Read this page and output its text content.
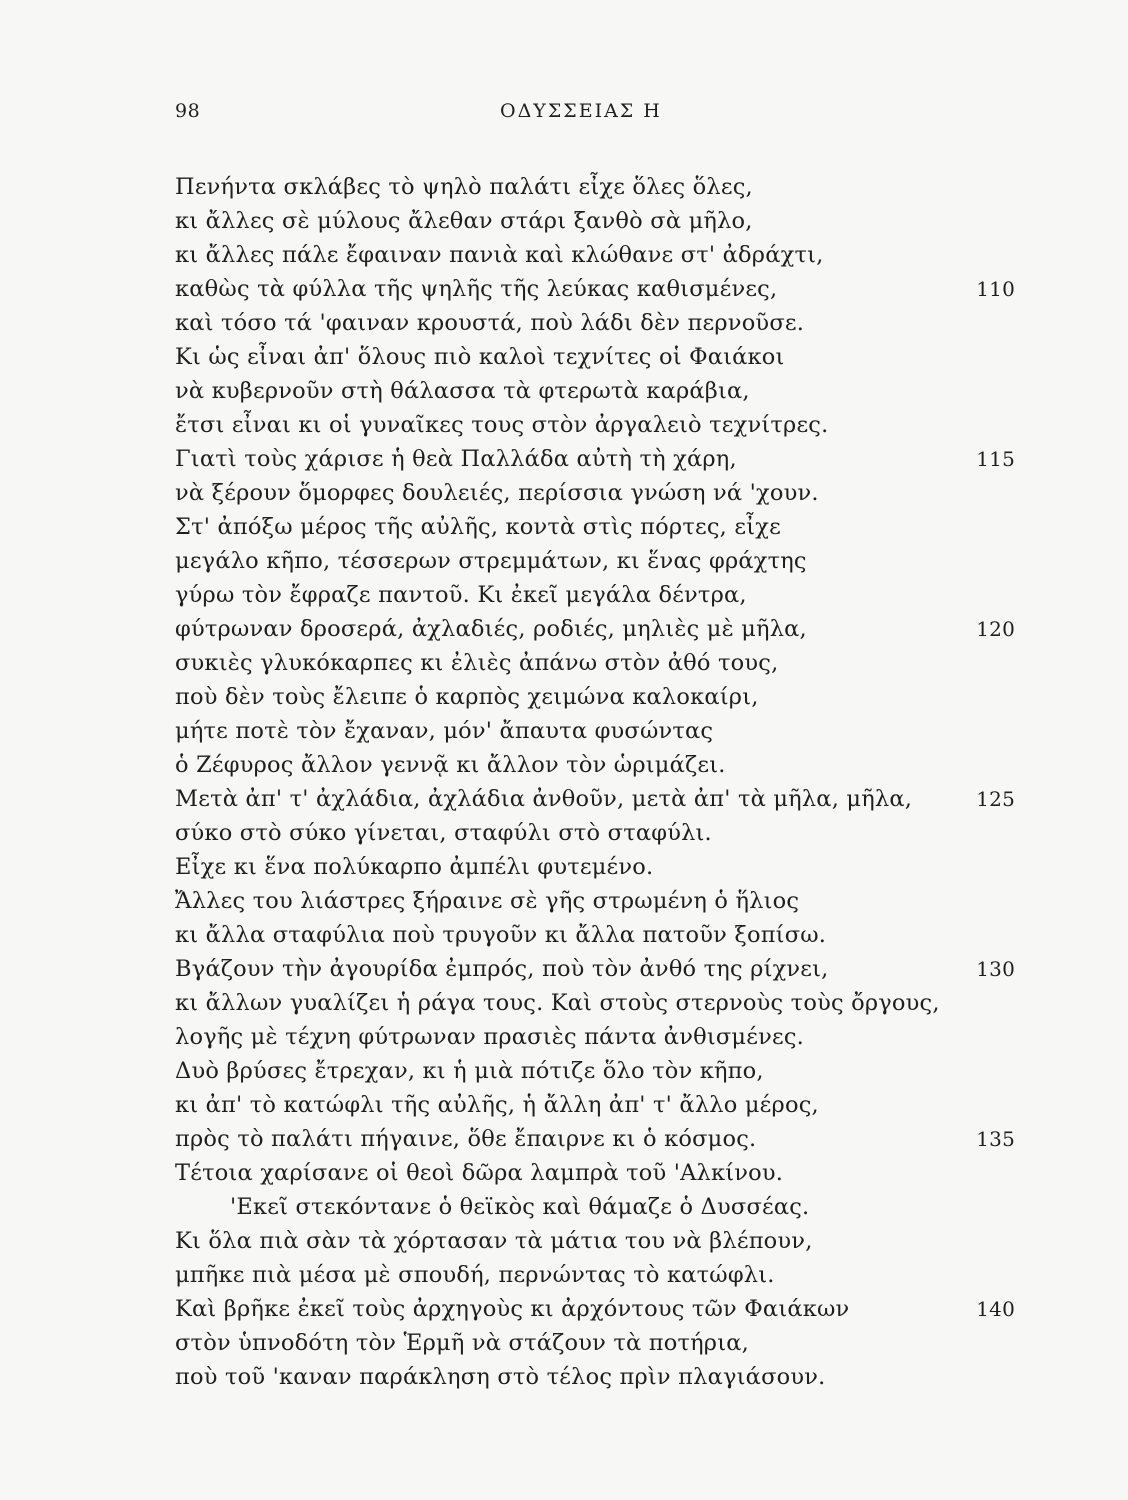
98	ΟΔΥΣΣΕΙΑΣ Η
Πενήντα σκλάβες τὸ ψηλὸ παλάτι εἶχε ὅλες ὅλες,
κι ἄλλες σὲ μύλους ἄλεθαν στάρι ξανθὸ σὰ μῆλο,
κι ἄλλες πάλε ἔφαιναν πανιὰ καὶ κλώθανε στ' ἀδράχτι,
καθὼς τὰ φύλλα τῆς ψηλῆς τῆς λεύκας καθισμένες,	110
καὶ τόσο τά 'φαιναν κρουστά, ποὺ λάδι δὲν περνοῦσε.
Κι ὡς εἶναι ἀπ' ὅλους πιὸ καλοὶ τεχνίτες οἱ Φαιάκοι
νὰ κυβερνοῦν στὴ θάλασσα τὰ φτερωτὰ καράβια,
ἔτσι εἶναι κι οἱ γυναῖκες τους στὸν ἀργαλειὸ τεχνίτρες.
Γιατὶ τοὺς χάρισε ἡ θεὰ Παλλάδα αὐτὴ τὴ χάρη,	115
νὰ ξέρουν ὅμορφες δουλειές, περίσσια γνώση νά 'χουν.
Στ' ἀπόξω μέρος τῆς αὐλῆς, κοντὰ στὶς πόρτες, εἶχε
μεγάλο κῆπο, τέσσερων στρεμμάτων, κι ἕνας φράχτης
γύρω τὸν ἔφραζε παντοῦ. Κι ἐκεῖ μεγάλα δέντρα,
φύτρωναν δροσερά, ἀχλαδιές, ροδιές, μηλιὲς μὲ μῆλα,	120
συκιὲς γλυκόκαρπες κι ἐλιὲς ἀπάνω στὸν ἀθό τους,
ποὺ δὲν τοὺς ἔλειπε ὁ καρπὸς χειμώνα καλοκαίρι,
μήτε ποτὲ τὸν ἔχαναν, μόν' ἄπαυτα φυσώντας
ὁ Ζέφυρος ἄλλον γεννᾷ κι ἄλλον τὸν ὡριμάζει.
Μετὰ ἀπ' τ' ἀχλάδια, ἀχλάδια ἀνθοῦν, μετὰ ἀπ' τὰ μῆλα, μῆλα,	125
σύκο στὸ σύκο γίνεται, σταφύλι στὸ σταφύλι.
Εἶχε κι ἕνα πολύκαρπο ἀμπέλι φυτεμένο.
Ἄλλες του λιάστρες ξήραινε σὲ γῆς στρωμένη ὁ ἥλιος
κι ἄλλα σταφύλια ποὺ τρυγοῦν κι ἄλλα πατοῦν ξοπίσω.
Βγάζουν τὴν ἀγουρίδα ἐμπρός, ποὺ τὸν ἀνθό της ρίχνει,	130
κι ἄλλων γυαλίζει ἡ ράγα τους. Καὶ στοὺς στερνοὺς τοὺς ὄργους,
λογῆς μὲ τέχνη φύτρωναν πρασιὲς πάντα ἀνθισμένες.
Δυὸ βρύσες ἔτρεχαν, κι ἡ μιὰ πότιζε ὅλο τὸν κῆπο,
κι ἀπ' τὸ κατώφλι τῆς αὐλῆς, ἡ ἄλλη ἀπ' τ' ἄλλο μέρος,
πρὸς τὸ παλάτι πήγαινε, ὅθε ἔπαιρνε κι ὁ κόσμος.	135
Τέτοια χαρίσανε οἱ θεοὶ δῶρα λαμπρὰ τοῦ 'Αλκίνου.
'Εκεῖ στεκόντανε ὁ θεϊκὸς καὶ θάμαζε ὁ Δυσσέας.
Κι ὅλα πιὰ σὰν τὰ χόρτασαν τὰ μάτια του νὰ βλέπουν,
μπῆκε πιὰ μέσα μὲ σπουδή, περνώντας τὸ κατώφλι.
Καὶ βρῆκε ἐκεῖ τοὺς ἀρχηγοὺς κι ἀρχόντους τῶν Φαιάκων	140
στὸν ὑπνοδότη τὸν Ἑρμῆ νὰ στάζουν τὰ ποτήρια,
ποὺ τοῦ 'καναν παράκληση στὸ τέλος πρὶν πλαγιάσουν.
